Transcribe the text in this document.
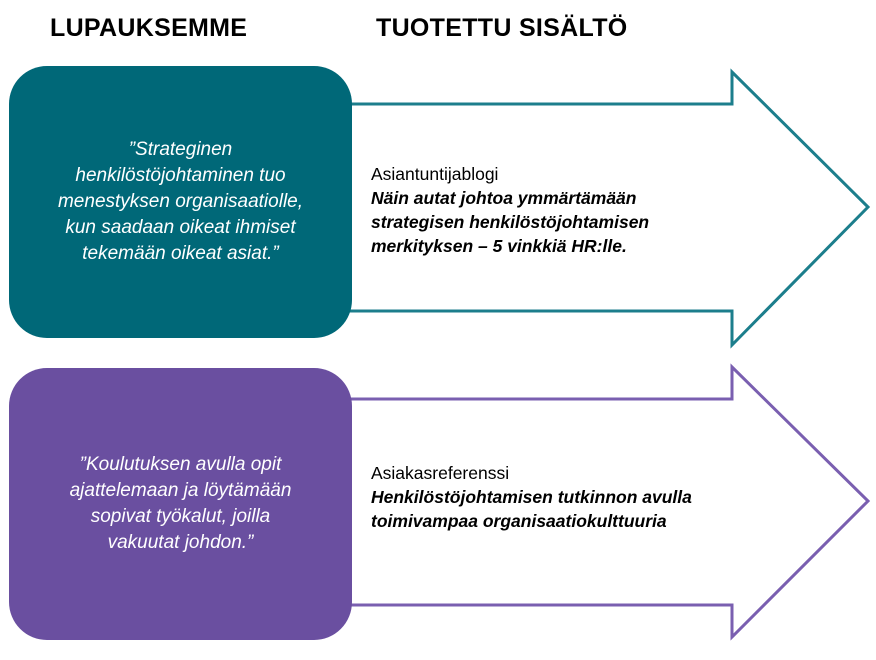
LUPAUKSEMME	TUOTETTU SISÄLTÖ
”Strateginen
henkilöstöjohtaminen tuo
menestyksen organisaatiolle,
kun saadaan oikeat ihmiset
tekemään oikeat asiat.”
”Koulutuksen avulla opit
ajattelemaan ja löytämään
sopivat työkalut, joilla
vakuutat johdon.”
Asiantuntijablogi
Näin autat johtoa ymmärtämään
strategisen henkilöstöjohtamisen
merkityksen – 5 vinkkiä HR:lle.
Asiakasreferenssi
Henkilöstöjohtamisen tutkinnon avulla
toimivampaa organisaatiokulttuuria
